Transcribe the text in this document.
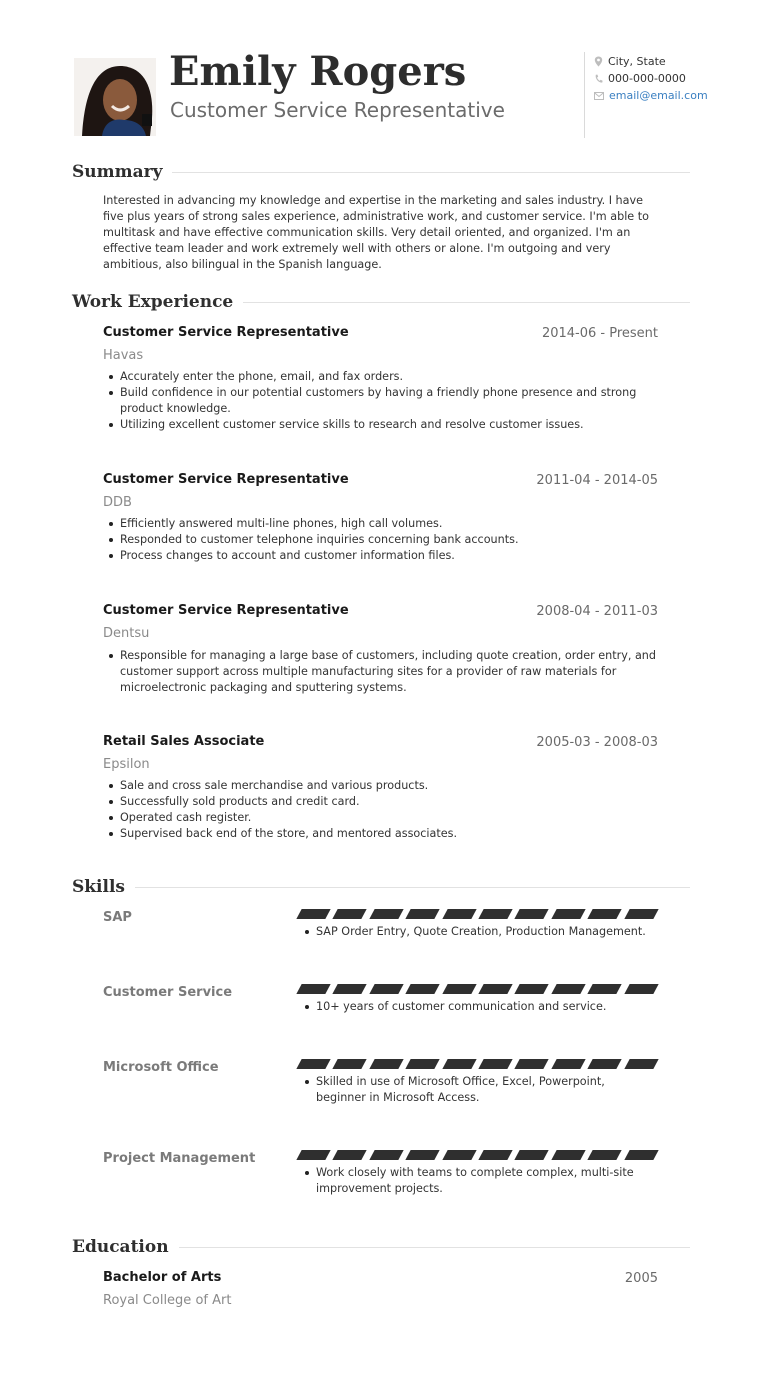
Emily Rogers
Customer Service Representative
City, State
000-000-0000
email@email.com
Summary

Interested in advancing my knowledge and expertise in the marketing and sales industry. I have five plus years of strong sales experience, administrative work, and customer service. I'm able to multitask and have effective communication skills. Very detail oriented, and organized. I'm an effective team leader and work extremely well with others or alone. I'm outgoing and very ambitious, also bilingual in the Spanish language.

Work Experience
Customer Service Representative	2014-06 - Present
Havas
Accurately enter the phone, email, and fax orders.
Build confidence in our potential customers by having a friendly phone presence and strong product knowledge.
Utilizing excellent customer service skills to research and resolve customer issues.
Customer Service Representative	2011-04 - 2014-05
DDB
Efficiently answered multi-line phones, high call volumes.
Responded to customer telephone inquiries concerning bank accounts.
Process changes to account and customer information files.
Customer Service Representative	2008-04 - 2011-03
Dentsu
Responsible for managing a large base of customers, including quote creation, order entry, and customer support across multiple manufacturing sites for a provider of raw materials for microelectronic packaging and sputtering systems.
Retail Sales Associate	2005-03 - 2008-03
Epsilon
Sale and cross sale merchandise and various products.
Successfully sold products and credit card.
Operated cash register.
Supervised back end of the store, and mentored associates.
Skills
SAP
SAP Order Entry, Quote Creation, Production Management.
Customer Service
10+ years of customer communication and service.
Microsoft Office
Skilled in use of Microsoft Office, Excel, Powerpoint, beginner in Microsoft Access.
Project Management
Work closely with teams to complete complex, multi-site improvement projects.
Education
Bachelor of Arts	2005
Royal College of Art
